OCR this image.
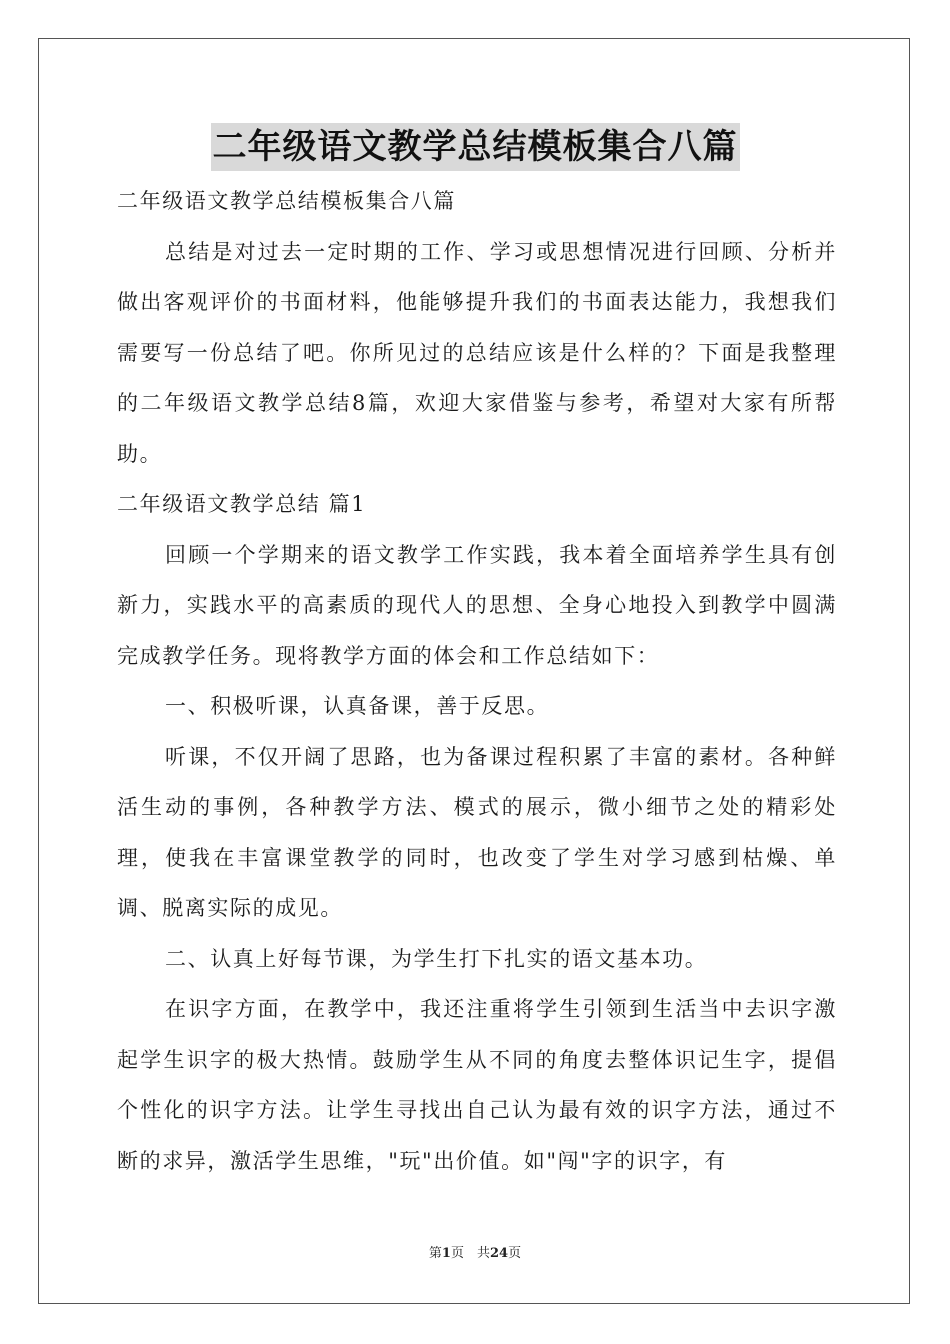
二年级语文教学总结模板集合八篇

二年级语文教学总结模板集合八篇

总结是对过去一定时期的工作、学习或思想情况进行回顾、分析并做出客观评价的书面材料，他能够提升我们的书面表达能力，我想我们需要写一份总结了吧。你所见过的总结应该是什么样的？下面是我整理的二年级语文教学总结8篇，欢迎大家借鉴与参考，希望对大家有所帮助。

二年级语文教学总结 篇1

回顾一个学期来的语文教学工作实践，我本着全面培养学生具有创新力，实践水平的高素质的现代人的思想、全身心地投入到教学中圆满完成教学任务。现将教学方面的体会和工作总结如下：

一、积极听课，认真备课，善于反思。

听课，不仅开阔了思路，也为备课过程积累了丰富的素材。各种鲜活生动的事例，各种教学方法、模式的展示，微小细节之处的精彩处理，使我在丰富课堂教学的同时，也改变了学生对学习感到枯燥、单调、脱离实际的成见。

二、认真上好每节课，为学生打下扎实的语文基本功。

在识字方面，在教学中，我还注重将学生引领到生活当中去识字激起学生识字的极大热情。鼓励学生从不同的角度去整体识记生字，提倡个性化的识字方法。让学生寻找出自己认为最有效的识字方法，通过不断的求异，激活学生思维，"玩"出价值。如"闯"字的识字，有

第1页　共24页
